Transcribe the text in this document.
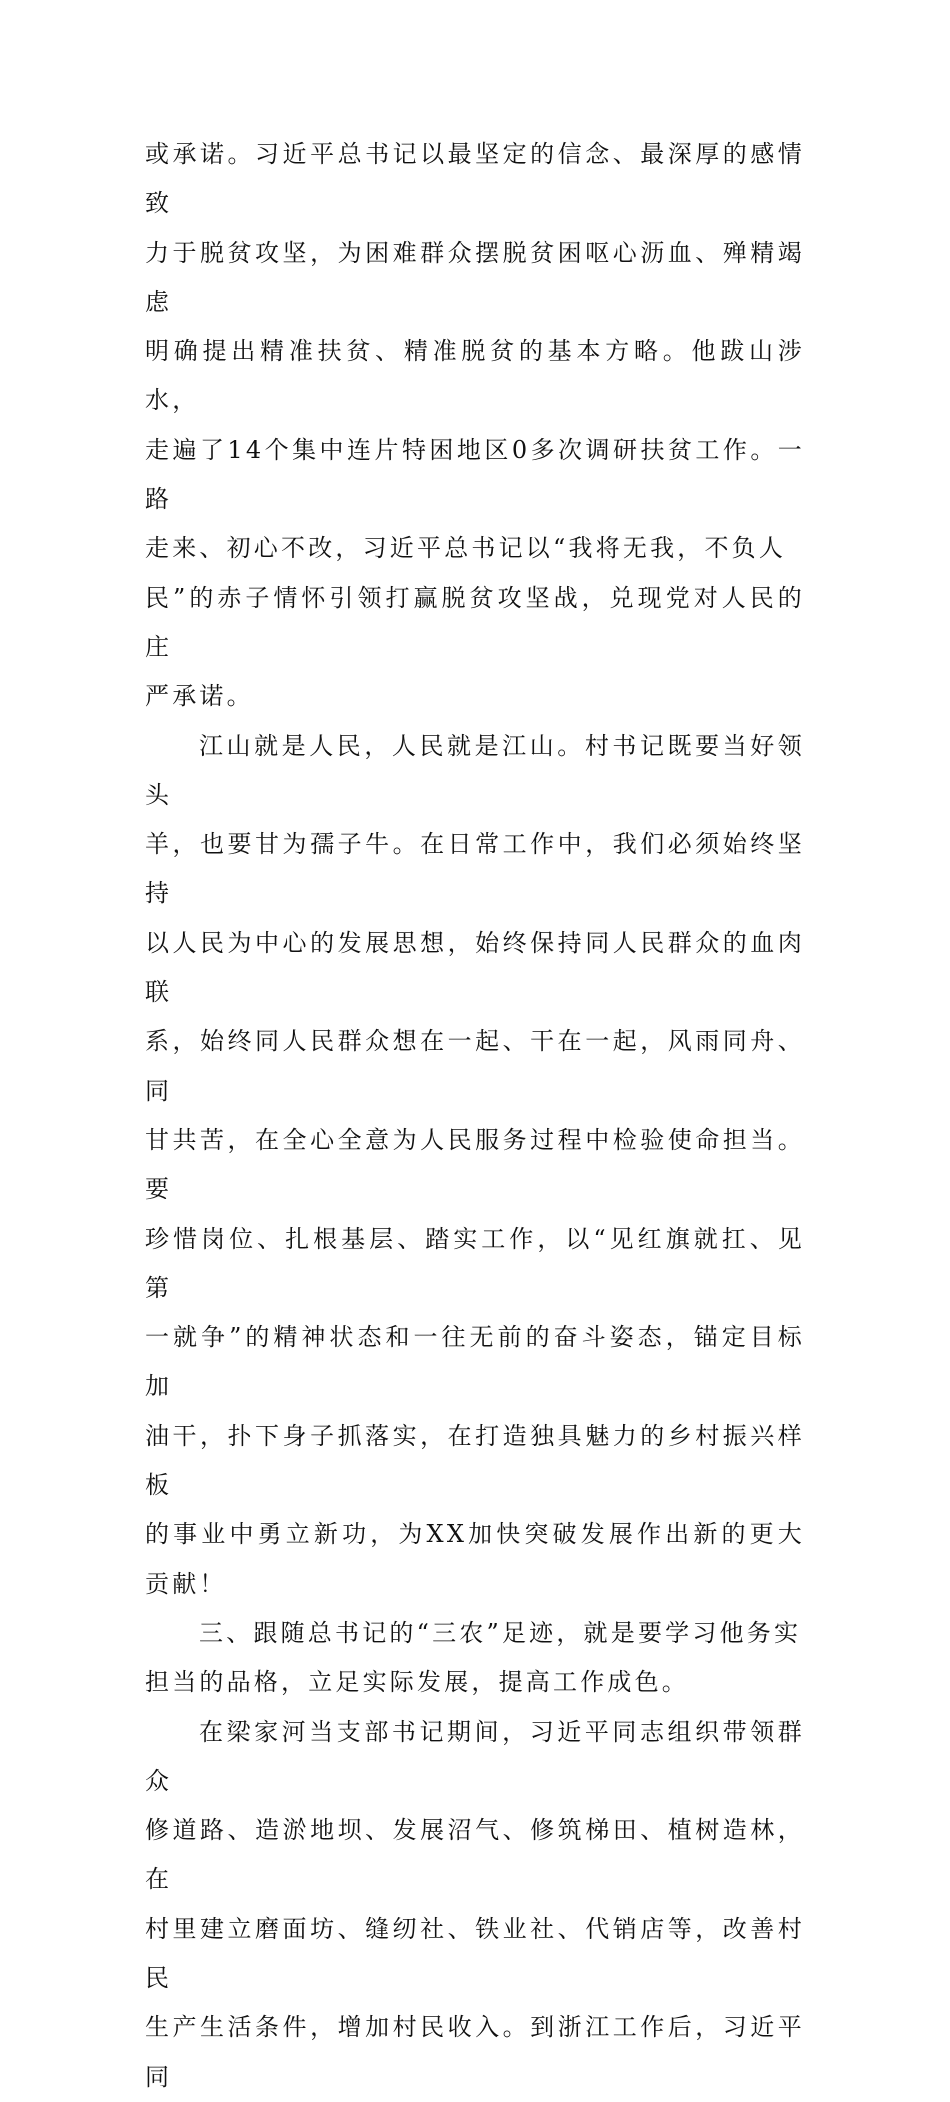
或承诺。习近平总书记以最坚定的信念、最深厚的感情致
力于脱贫攻坚，为困难群众摆脱贫困呕心沥血、殚精竭虑
明确提出精准扶贫、精准脱贫的基本方略。他跋山涉水，
走遍了14个集中连片特困地区0多次调研扶贫工作。一路
走来、初心不改，习近平总书记以“我将无我，不负人
民”的赤子情怀引领打赢脱贫攻坚战，兑现党对人民的庄
严承诺。

江山就是人民，人民就是江山。村书记既要当好领头
羊，也要甘为孺子牛。在日常工作中，我们必须始终坚持
以人民为中心的发展思想，始终保持同人民群众的血肉联
系，始终同人民群众想在一起、干在一起，风雨同舟、同
甘共苦，在全心全意为人民服务过程中检验使命担当。要
珍惜岗位、扎根基层、踏实工作，以“见红旗就扛、见第
一就争”的精神状态和一往无前的奋斗姿态，锚定目标加
油干，扑下身子抓落实，在打造独具魅力的乡村振兴样板
的事业中勇立新功，为XX加快突破发展作出新的更大贡献！

三、跟随总书记的“三农”足迹，就是要学习他务实
担当的品格，立足实际发展，提高工作成色。

在梁家河当支部书记期间，习近平同志组织带领群众
修道路、造淤地坝、发展沼气、修筑梯田、植树造林，在
村里建立磨面坊、缝纫社、铁业社、代销店等，改善村民
生产生活条件，增加村民收入。到浙江工作后，习近平同
